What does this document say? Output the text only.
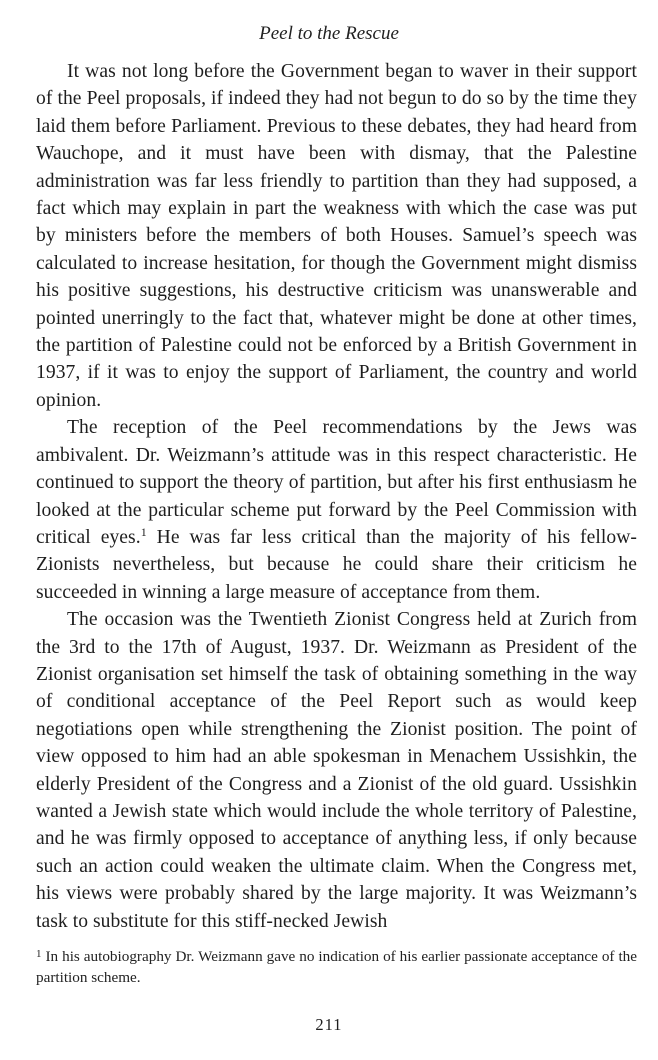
Peel to the Rescue

It was not long before the Government began to waver in their support of the Peel proposals, if indeed they had not begun to do so by the time they laid them before Parliament. Previous to these debates, they had heard from Wauchope, and it must have been with dismay, that the Palestine administration was far less friendly to partition than they had supposed, a fact which may explain in part the weakness with which the case was put by ministers before the members of both Houses. Samuel’s speech was calculated to increase hesitation, for though the Government might dismiss his positive suggestions, his destructive criticism was unanswerable and pointed unerringly to the fact that, whatever might be done at other times, the partition of Palestine could not be enforced by a British Government in 1937, if it was to enjoy the support of Parliament, the country and world opinion.

The reception of the Peel recommendations by the Jews was ambivalent. Dr. Weizmann’s attitude was in this respect characteristic. He continued to support the theory of partition, but after his first enthusiasm he looked at the particular scheme put forward by the Peel Commission with critical eyes.$^1$ He was far less critical than the majority of his fellow-Zionists nevertheless, but because he could share their criticism he succeeded in winning a large measure of acceptance from them.

The occasion was the Twentieth Zionist Congress held at Zurich from the 3rd to the 17th of August, 1937. Dr. Weizmann as President of the Zionist organisation set himself the task of obtaining something in the way of conditional acceptance of the Peel Report such as would keep negotiations open while strengthening the Zionist position. The point of view opposed to him had an able spokesman in Menachem Ussishkin, the elderly President of the Congress and a Zionist of the old guard. Ussishkin wanted a Jewish state which would include the whole territory of Palestine, and he was firmly opposed to acceptance of anything less, if only because such an action could weaken the ultimate claim. When the Congress met, his views were probably shared by the large majority. It was Weizmann’s task to substitute for this stiff-necked Jewish

$^1$ In his autobiography Dr. Weizmann gave no indication of his earlier passionate acceptance of the partition scheme.
211
